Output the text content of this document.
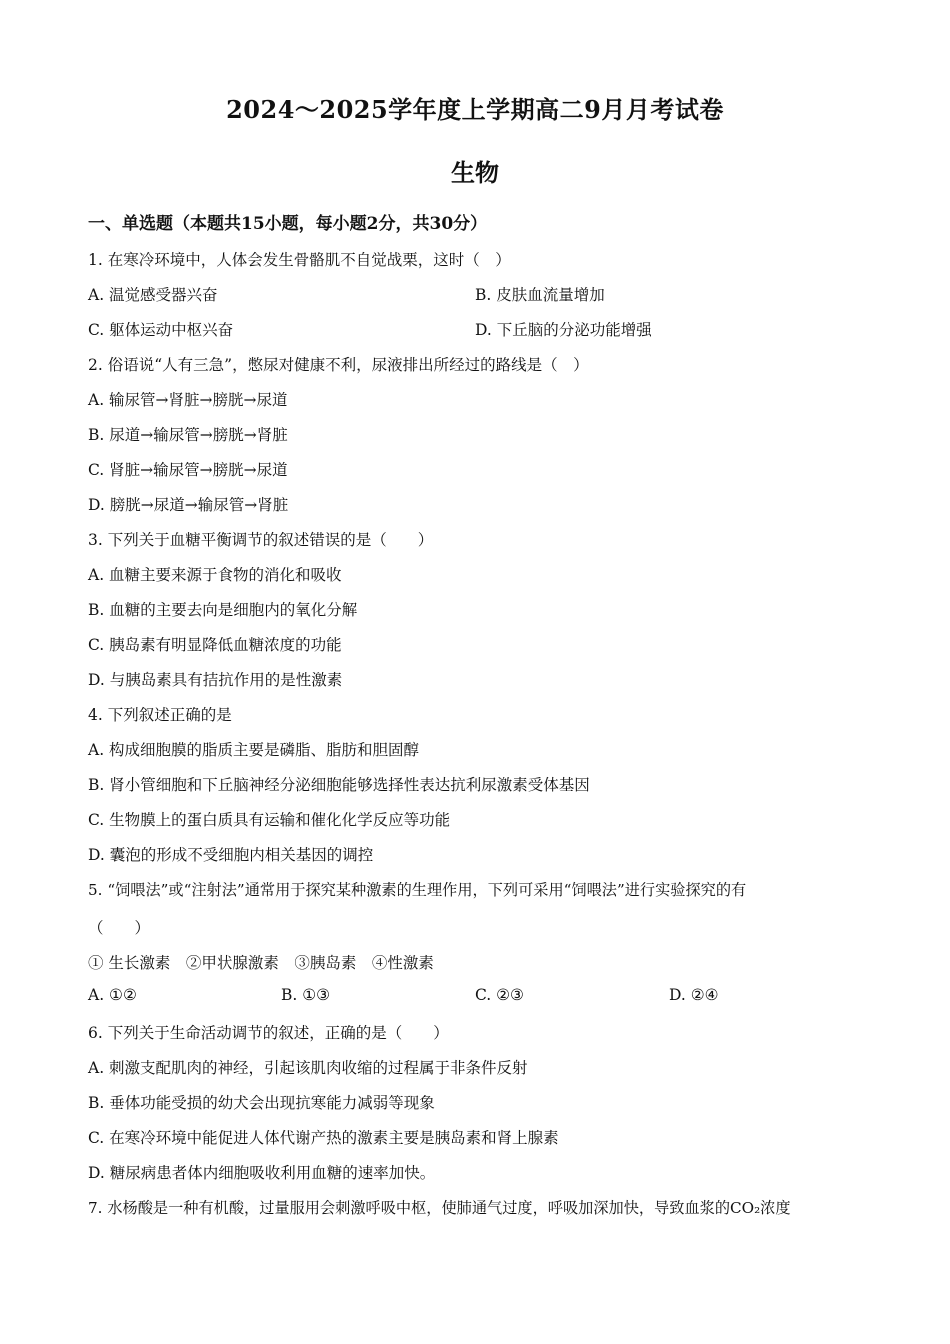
2024～2025学年度上学期高二9月月考试卷
生物
一、单选题（本题共15小题，每小题2分，共30分）
1. 在寒冷环境中，人体会发生骨骼肌不自觉战栗，这时（　）
A. 温觉感受器兴奋	B. 皮肤血流量增加
C. 躯体运动中枢兴奋	D. 下丘脑的分泌功能增强
2. 俗语说“人有三急”，憋尿对健康不利，尿液排出所经过的路线是（　）
A. 输尿管→肾脏→膀胱→尿道
B. 尿道→输尿管→膀胱→肾脏
C. 肾脏→输尿管→膀胱→尿道
D. 膀胱→尿道→输尿管→肾脏
3. 下列关于血糖平衡调节的叙述错误的是（　　）
A. 血糖主要来源于食物的消化和吸收
B. 血糖的主要去向是细胞内的氧化分解
C. 胰岛素有明显降低血糖浓度的功能
D. 与胰岛素具有拮抗作用的是性激素
4. 下列叙述正确的是
A. 构成细胞膜的脂质主要是磷脂、脂肪和胆固醇
B. 肾小管细胞和下丘脑神经分泌细胞能够选择性表达抗利尿激素受体基因
C. 生物膜上的蛋白质具有运输和催化化学反应等功能
D. 囊泡的形成不受细胞内相关基因的调控
5. “饲喂法”或“注射法”通常用于探究某种激素的生理作用，下列可采用“饲喂法”进行实验探究的有
（　　）
① 生长激素　②甲状腺激素　③胰岛素　④性激素
A. ①②	B. ①③	C. ②③	D. ②④
6. 下列关于生命活动调节的叙述，正确的是（　　）
A. 刺激支配肌肉的神经，引起该肌肉收缩的过程属于非条件反射
B. 垂体功能受损的幼犬会出现抗寒能力减弱等现象
C. 在寒冷环境中能促进人体代谢产热的激素主要是胰岛素和肾上腺素
D. 糖尿病患者体内细胞吸收利用血糖的速率加快。
7. 水杨酸是一种有机酸，过量服用会刺激呼吸中枢，使肺通气过度，呼吸加深加快，导致血浆的CO₂浓度
